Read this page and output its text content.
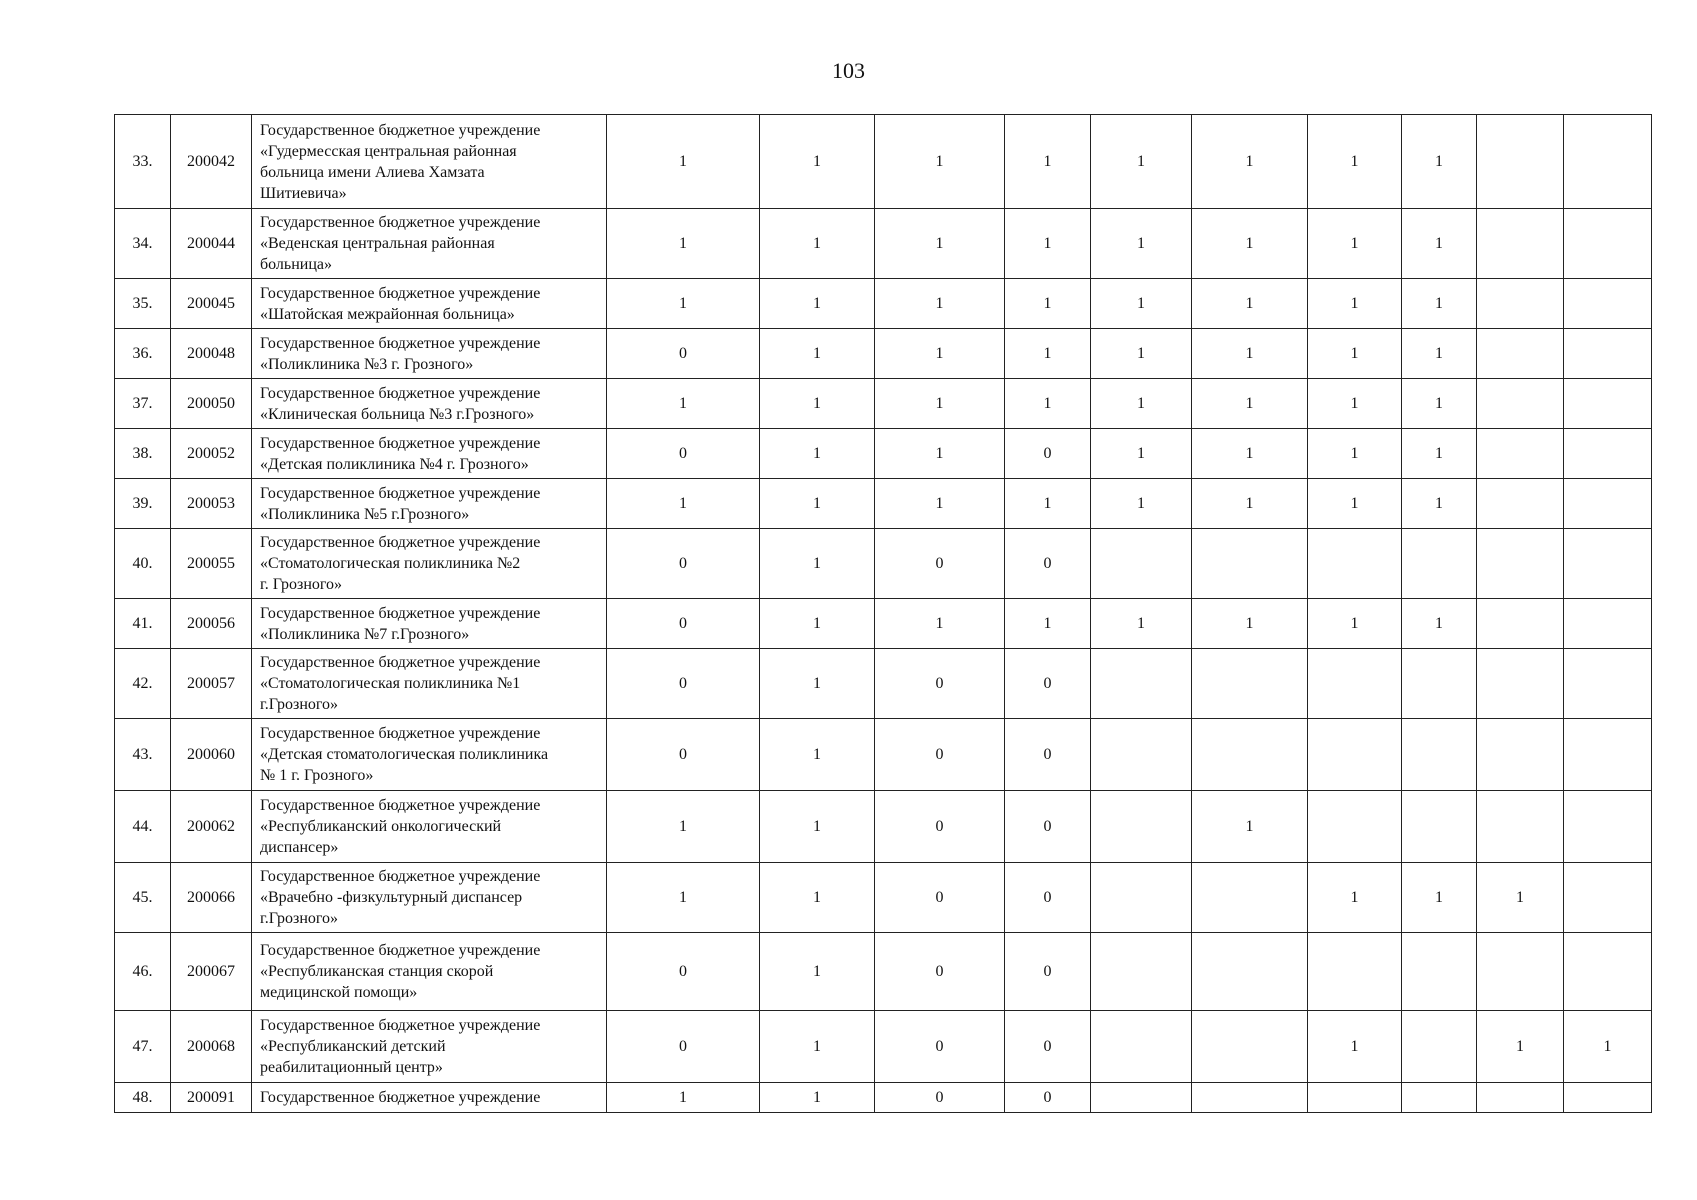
103
33.	200042	Государственное бюджетное учреждение
«Гудермесская центральная районная
больница имени Алиева Хамзата
Шитиевича»	1	1	1	1	1	1	1	1		
34.	200044	Государственное бюджетное учреждение
«Веденская центральная районная
больница»	1	1	1	1	1	1	1	1		
35.	200045	Государственное бюджетное учреждение
«Шатойская межрайонная больница»	1	1	1	1	1	1	1	1		
36.	200048	Государственное бюджетное учреждение
«Поликлиника №3 г. Грозного»	0	1	1	1	1	1	1	1		
37.	200050	Государственное бюджетное учреждение
«Клиническая больница №3 г.Грозного»	1	1	1	1	1	1	1	1		
38.	200052	Государственное бюджетное учреждение
«Детская поликлиника №4 г. Грозного»	0	1	1	0	1	1	1	1		
39.	200053	Государственное бюджетное учреждение
«Поликлиника №5 г.Грозного»	1	1	1	1	1	1	1	1		
40.	200055	Государственное бюджетное учреждение
«Стоматологическая поликлиника №2
г. Грозного»	0	1	0	0						
41.	200056	Государственное бюджетное учреждение
«Поликлиника №7 г.Грозного»	0	1	1	1	1	1	1	1		
42.	200057	Государственное бюджетное учреждение
«Стоматологическая поликлиника №1
г.Грозного»	0	1	0	0						
43.	200060	Государственное бюджетное учреждение
«Детская стоматологическая поликлиника
№ 1 г. Грозного»	0	1	0	0						
44.	200062	Государственное бюджетное учреждение
«Республиканский онкологический
диспансер»	1	1	0	0		1				
45.	200066	Государственное бюджетное учреждение
«Врачебно -физкультурный диспансер
г.Грозного»	1	1	0	0			1	1	1	
46.	200067	Государственное бюджетное учреждение
«Республиканская станция скорой
медицинской помощи»	0	1	0	0						
47.	200068	Государственное бюджетное учреждение
«Республиканский детский
реабилитационный центр»	0	1	0	0			1		1	1
48.	200091	Государственное бюджетное учреждение	1	1	0	0						
